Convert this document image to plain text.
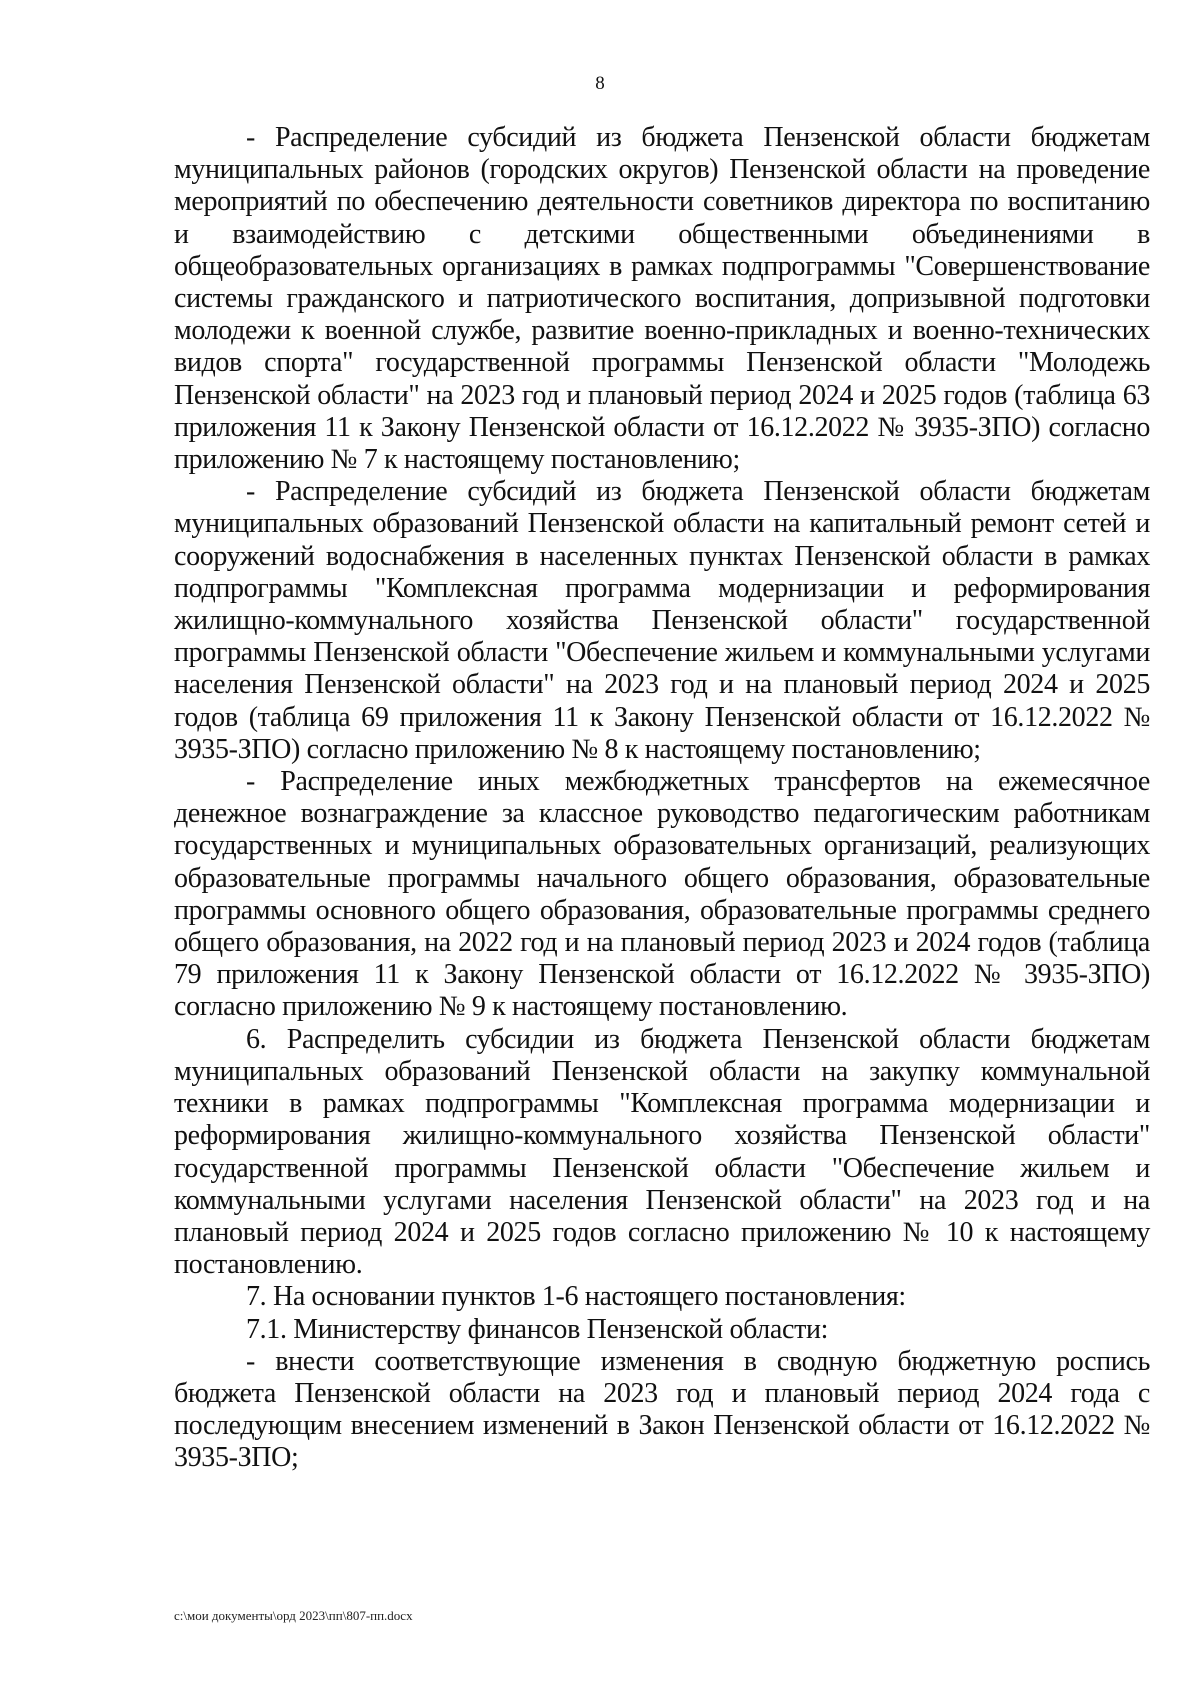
8

- Распределение субсидий из бюджета Пензенской области бюджетам муниципальных районов (городских округов) Пензенской области на проведение мероприятий по обеспечению деятельности советников директора по воспитанию и взаимодействию с детскими общественными объединениями в общеобразовательных организациях в рамках подпрограммы "Совершенствование системы гражданского и патриотического воспитания, допризывной подготовки молодежи к военной службе, развитие военно-прикладных и военно-технических видов спорта" государственной программы Пензенской области "Молодежь Пензенской области" на 2023 год и плановый период 2024 и 2025 годов (таблица 63 приложения 11 к Закону Пензенской области от 16.12.2022 № 3935-ЗПО) согласно приложению № 7 к настоящему постановлению;

- Распределение субсидий из бюджета Пензенской области бюджетам муниципальных образований Пензенской области на капитальный ремонт сетей и сооружений водоснабжения в населенных пунктах Пензенской области в рамках подпрограммы "Комплексная программа модернизации и реформирования жилищно-коммунального хозяйства Пензенской области" государственной программы Пензенской области "Обеспечение жильем и коммунальными услугами населения Пензенской области" на 2023 год и на плановый период 2024 и 2025 годов (таблица 69 приложения 11 к Закону Пензенской области от 16.12.2022 № 3935-ЗПО) согласно приложению № 8 к настоящему постановлению;

- Распределение иных межбюджетных трансфертов на ежемесячное денежное вознаграждение за классное руководство педагогическим работникам государственных и муниципальных образовательных организаций, реализующих образовательные программы начального общего образования, образовательные программы основного общего образования, образовательные программы среднего общего образования, на 2022 год и на плановый период 2023 и 2024 годов (таблица 79 приложения 11 к Закону Пензенской области от 16.12.2022 № 3935-ЗПО) согласно приложению № 9 к настоящему постановлению.

6. Распределить субсидии из бюджета Пензенской области бюджетам муниципальных образований Пензенской области на закупку коммунальной техники в рамках подпрограммы "Комплексная программа модернизации и реформирования жилищно-коммунального хозяйства Пензенской области" государственной программы Пензенской области "Обеспечение жильем и коммунальными услугами населения Пензенской области" на 2023 год и на плановый период 2024 и 2025 годов согласно приложению № 10 к настоящему постановлению.

7. На основании пунктов 1-6 настоящего постановления:

7.1. Министерству финансов Пензенской области:

- внести соответствующие изменения в сводную бюджетную роспись бюджета Пензенской области на 2023 год и плановый период 2024 года с последующим внесением изменений в Закон Пензенской области от 16.12.2022 № 3935-ЗПО;

c:\мои документы\орд 2023\пп\807-пп.docx
